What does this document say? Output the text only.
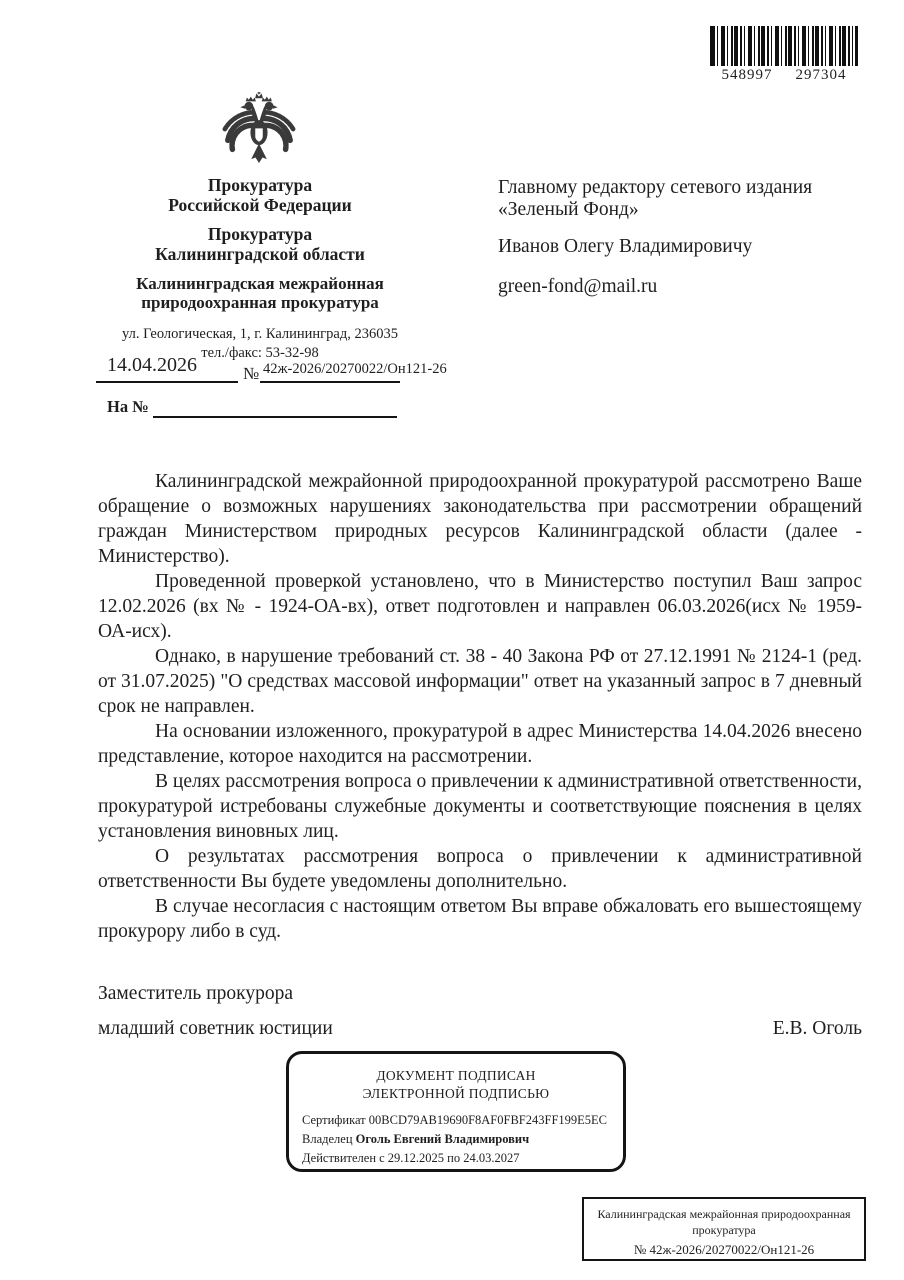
548997 297304
Прокуратура
Российской Федерации
Прокуратура
Калининградской области
Калининградская межрайонная
природоохранная прокуратура
ул. Геологическая, 1, г. Калининград, 236035
тел./факс: 53-32-98
Главному редактору сетевого издания «Зеленый Фонд»
Иванов Олегу Владимировичу
green-fond@mail.ru
14.04.2026	№ 42ж-2026/20270022/Он121-26
На №

Калининградской межрайонной природоохранной прокуратурой рассмотрено Ваше обращение о возможных нарушениях законодательства при рассмотрении обращений граждан Министерством природных ресурсов Калининградской области (далее - Министерство).

Проведенной проверкой установлено, что в Министерство поступил Ваш запрос 12.02.2026 (вх № - 1924-ОА-вх), ответ подготовлен и направлен 06.03.2026(исх № 1959-ОА-исх).

Однако, в нарушение требований ст. 38 - 40 Закона РФ от 27.12.1991 № 2124-1 (ред. от 31.07.2025) "О средствах массовой информации" ответ на указанный запрос в 7 дневный срок не направлен.

На основании изложенного, прокуратурой в адрес Министерства 14.04.2026 внесено представление, которое находится на рассмотрении.

В целях рассмотрения вопроса о привлечении к административной ответственности, прокуратурой истребованы служебные документы и соответствующие пояснения в целях установления виновных лиц.

О результатах рассмотрения вопроса о привлечении к административной ответственности Вы будете уведомлены дополнительно.

В случае несогласия с настоящим ответом Вы вправе обжаловать его вышестоящему прокурору либо в суд.

Заместитель прокурора
младший советник юстиции	Е.В. Оголь
ДОКУМЕНТ ПОДПИСАН
ЭЛЕКТРОННОЙ ПОДПИСЬЮ
Сертификат 00BCD79AB19690F8AF0FBF243FF199E5EC
Владелец Оголь Евгений Владимирович
Действителен с 29.12.2025 по 24.03.2027
Калининградская межрайонная природоохранная прокуратура
№ 42ж-2026/20270022/Он121-26
